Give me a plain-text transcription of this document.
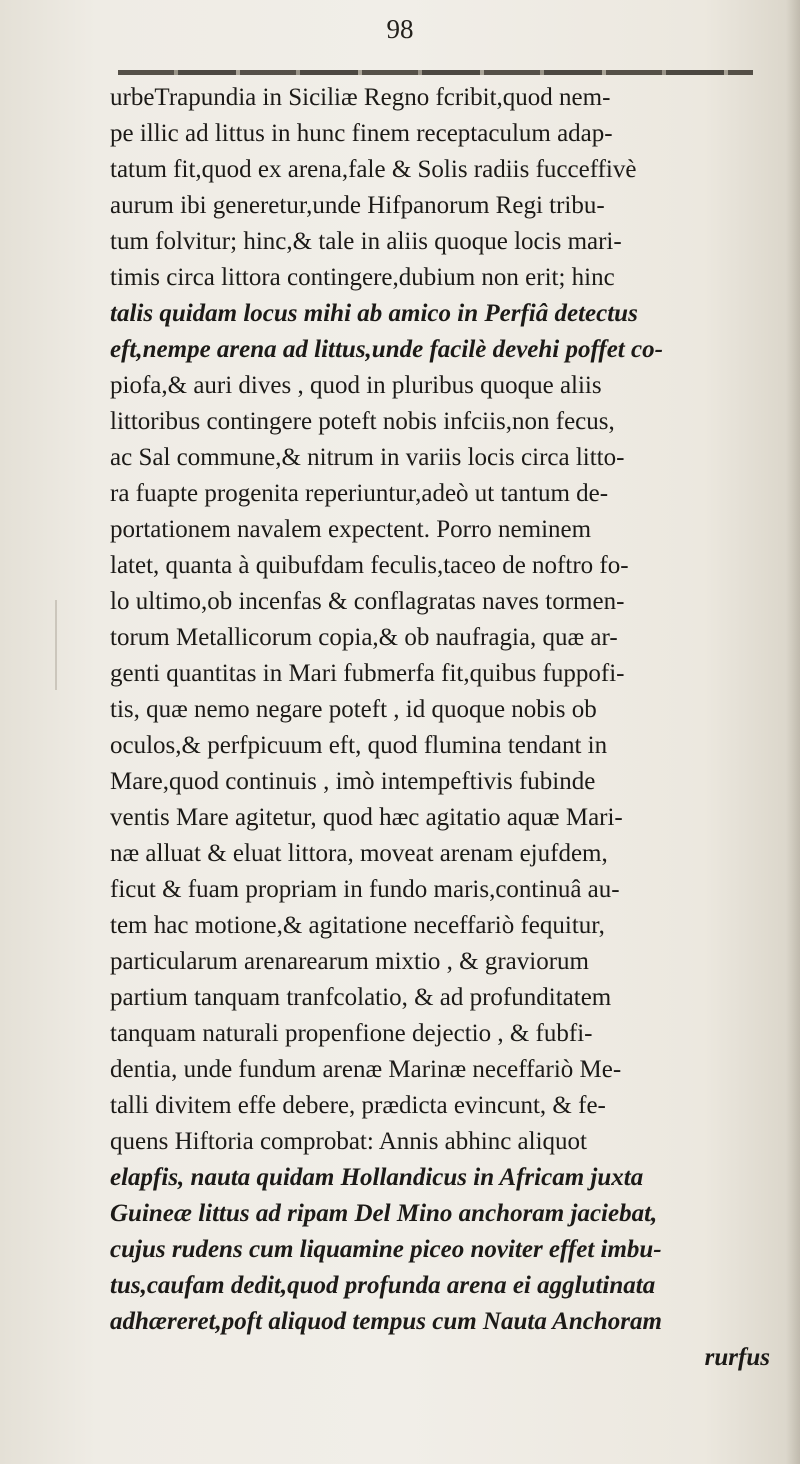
98
urbeTrapundia in Siciliæ Regno fcribit,quod nem-
pe illic ad littus in hunc finem receptaculum adap-
tatum fit,quod ex arena,fale & Solis radiis fucceffivè
aurum ibi generetur,unde Hifpanorum Regi tribu-
tum folvitur; hinc,& tale in aliis quoque locis mari-
timis circa littora contingere,dubium non erit; hinc
talis quidam locus mihi ab amico in Perfiâ detectus
eft,nempe arena ad littus,unde facilè devehi poffet co-
piofa,& auri dives , quod in pluribus quoque aliis
littoribus contingere poteft nobis infciis,non fecus,
ac Sal commune,& nitrum in variis locis circa litto-
ra fuapte progenita reperiuntur,adeò ut tantum de-
portationem navalem expectent. Porro neminem
latet, quanta à quibufdam feculis,taceo de noftro fo-
lo ultimo,ob incenfas & conflagratas naves tormen-
torum Metallicorum copia,& ob naufragia, quæ ar-
genti quantitas in Mari fubmerfa fit,quibus fuppofi-
tis, quæ nemo negare poteft , id quoque nobis ob
oculos,& perfpicuum eft, quod flumina tendant in
Mare,quod continuis , imò intempeftivis fubinde
ventis Mare agitetur, quod hæc agitatio aquæ Mari-
næ alluat & eluat littora, moveat arenam ejufdem,
ficut & fuam propriam in fundo maris,continuâ au-
tem hac motione,& agitatione neceffariò fequitur,
particularum arenarearum mixtio , & graviorum
partium tanquam tranfcolatio, & ad profunditatem
tanquam naturali propenfione dejectio , & fubfi-
dentia, unde fundum arenæ Marinæ neceffariò Me-
talli divitem effe debere, prædicta evincunt, & fe-
quens Hiftoria comprobat: Annis abhinc aliquot
elapfis, nauta quidam Hollandicus in Africam juxta
Guineæ littus ad ripam Del Mino anchoram jaciebat,
cujus rudens cum liquamine piceo noviter effet imbu-
tus,caufam dedit,quod profunda arena ei agglutinata
adhæreret,poft aliquod tempus cum Nauta Anchoram
rurfus
